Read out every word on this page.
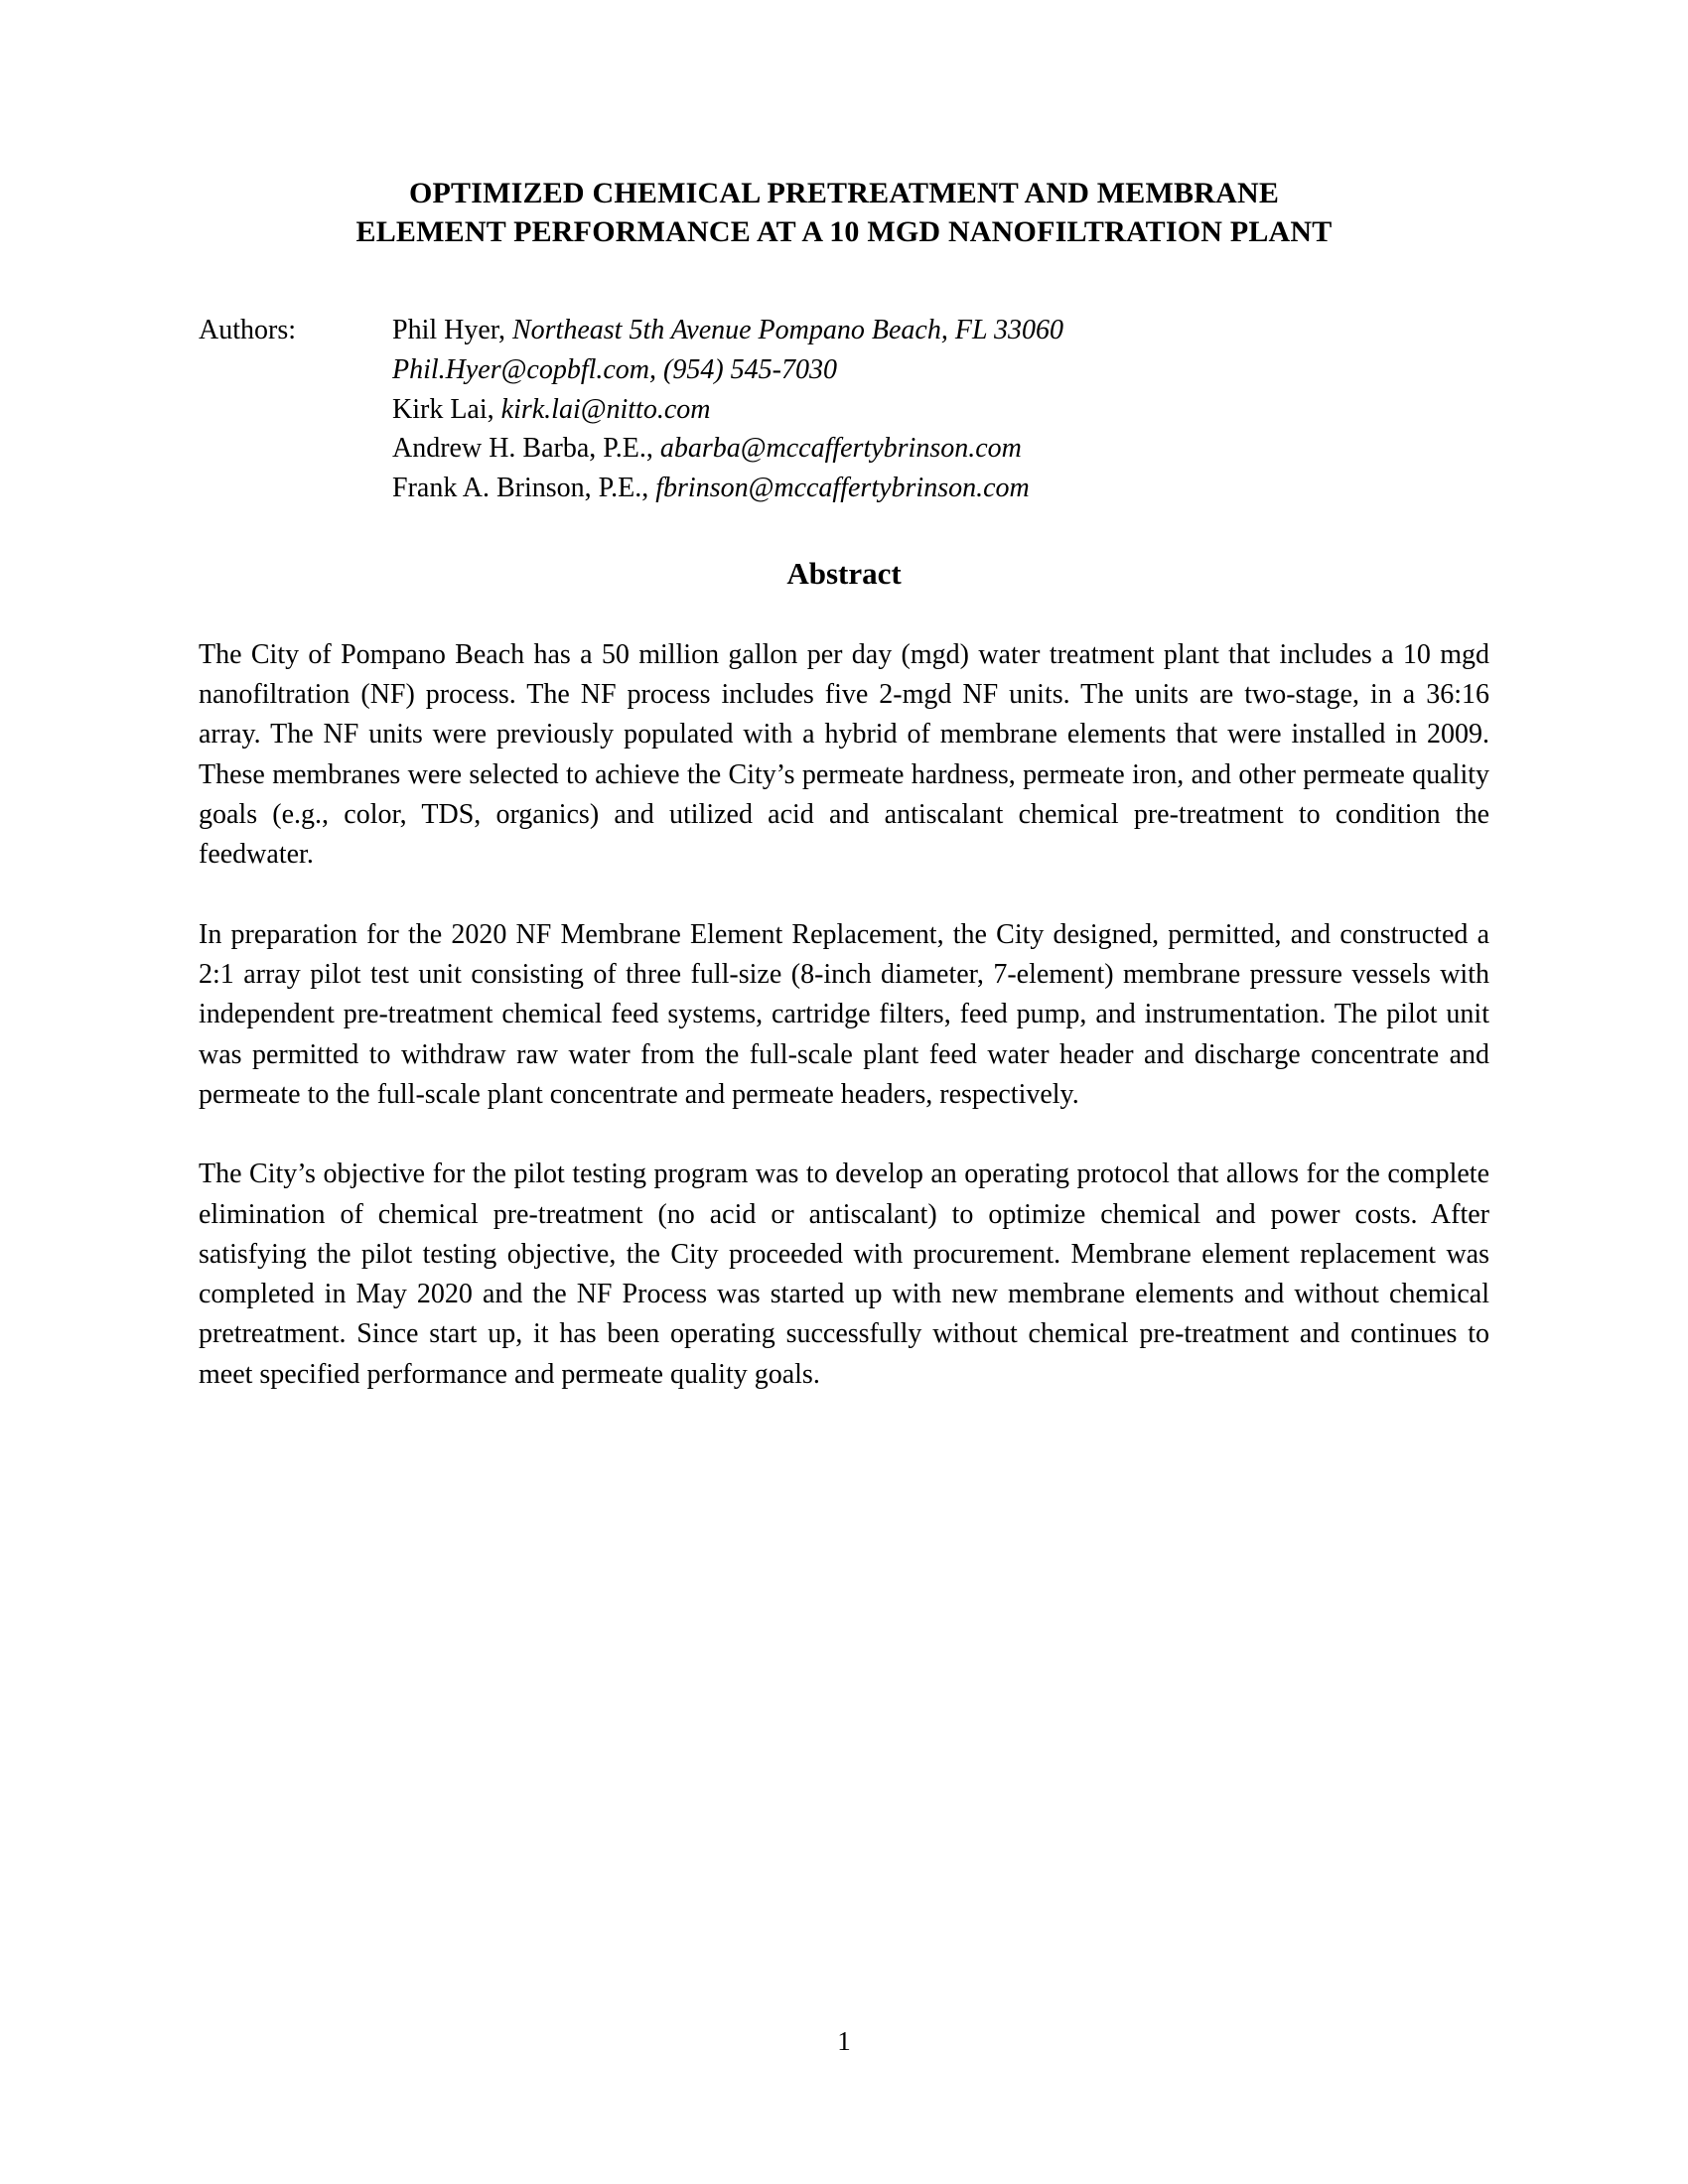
OPTIMIZED CHEMICAL PRETREATMENT AND MEMBRANE
ELEMENT PERFORMANCE AT A 10 MGD NANOFILTRATION PLANT
Authors:	Phil Hyer, Northeast 5th Avenue Pompano Beach, FL 33060
Phil.Hyer@copbfl.com, (954) 545-7030
Kirk Lai, kirk.lai@nitto.com
Andrew H. Barba, P.E., abarba@mccaffertybrinson.com
Frank A. Brinson, P.E., fbrinson@mccaffertybrinson.com
Abstract

The City of Pompano Beach has a 50 million gallon per day (mgd) water treatment plant that includes a 10 mgd nanofiltration (NF) process. The NF process includes five 2-mgd NF units. The units are two-stage, in a 36:16 array. The NF units were previously populated with a hybrid of membrane elements that were installed in 2009. These membranes were selected to achieve the City’s permeate hardness, permeate iron, and other permeate quality goals (e.g., color, TDS, organics) and utilized acid and antiscalant chemical pre-treatment to condition the feedwater.

In preparation for the 2020 NF Membrane Element Replacement, the City designed, permitted, and constructed a 2:1 array pilot test unit consisting of three full-size (8-inch diameter, 7-element) membrane pressure vessels with independent pre-treatment chemical feed systems, cartridge filters, feed pump, and instrumentation. The pilot unit was permitted to withdraw raw water from the full-scale plant feed water header and discharge concentrate and permeate to the full-scale plant concentrate and permeate headers, respectively.

The City’s objective for the pilot testing program was to develop an operating protocol that allows for the complete elimination of chemical pre-treatment (no acid or antiscalant) to optimize chemical and power costs. After satisfying the pilot testing objective, the City proceeded with procurement. Membrane element replacement was completed in May 2020 and the NF Process was started up with new membrane elements and without chemical pretreatment. Since start up, it has been operating successfully without chemical pre-treatment and continues to meet specified performance and permeate quality goals.

1
